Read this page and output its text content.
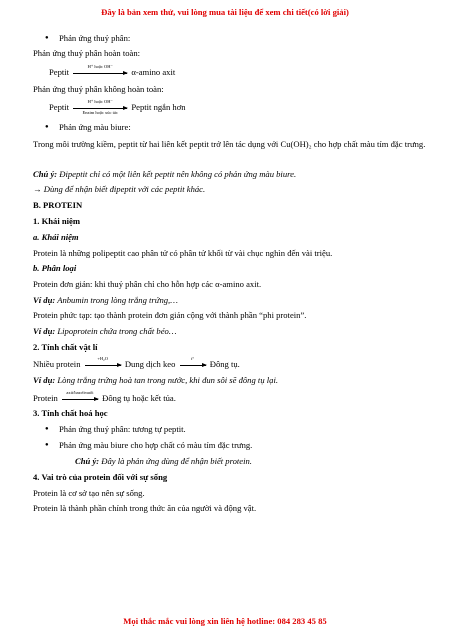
Đây là bản xem thử, vui lòng mua tài liệu để xem chi tiết(có lời giải)
● Phản ứng thuỷ phân:
Phản ứng thuỷ phân hoàn toàn:
Peptit
H⁺ hoặc OH⁻
α-amino axit
Phản ứng thuỷ phân không hoàn toàn:
Peptit
H⁺ hoặc OH⁻
Enzim hoặc xúc tác
Peptit ngắn hơn
● Phản ứng màu biure:
Trong môi trường kiềm, peptit từ hai liên kết peptit trở lên tác dụng với Cu(OH)₂ cho hợp chất màu tím đặc trưng.
Chú ý: Đipeptit chỉ có một liên kết peptit nên không có phản ứng màu biure.
→ Dùng để nhận biết đipeptit với các peptit khác.
B. PROTEIN
1. Khái niệm
a. Khái niệm
Protein là những polipeptit cao phân tử có phân tử khối từ vài chục nghìn đến vài triệu.
b. Phân loại
Protein đơn giản: khi thuỷ phân chỉ cho hỗn hợp các α-amino axit.
Ví dụ: Anbumin trong lòng trắng trứng,…
Protein phức tạp: tạo thành protein đơn giản cộng với thành phần “phi protein”.
Ví dụ: Lipoprotein chứa trong chất béo…
2. Tính chất vật lí
Nhiều protein
+H₂O
Dung dịch keo
t°
Đông tụ.
Ví dụ: Lòng trắng trứng hoà tan trong nước, khi đun sôi sẽ đông tụ lại.
Protein
axit/bazơ/muối
Đông tụ hoặc kết tủa.
3. Tính chất hoá học
● Phản ứng thuỷ phân: tương tự peptit.
● Phản ứng màu biure cho hợp chất có màu tím đặc trưng.
Chú ý: Đây là phản ứng dùng để nhận biết protein.
4. Vai trò của protein đối với sự sống
Protein là cơ sở tạo nên sự sống.
Protein là thành phần chính trong thức ăn của người và động vật.
Mọi thắc mắc vui lòng xin liên hệ hotline: 084 283 45 85
